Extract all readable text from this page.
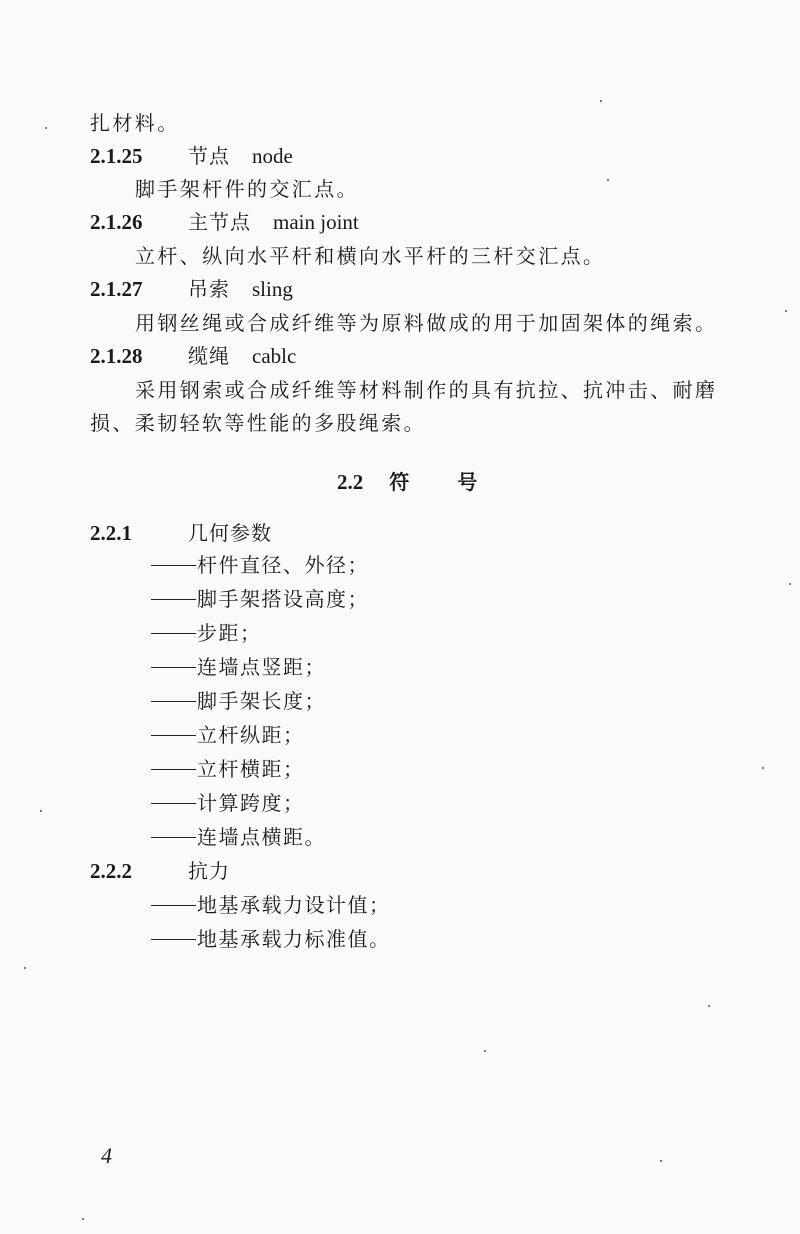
扎材料。
2.1.25 节点 node
脚手架杆件的交汇点。
2.1.26 主节点 main joint
立杆、纵向水平杆和横向水平杆的三杆交汇点。
2.1.27 吊索 sling
用钢丝绳或合成纤维等为原料做成的用于加固架体的绳索。
2.1.28 缆绳 cablc
采用钢索或合成纤维等材料制作的具有抗拉、抗冲击、耐磨
损、柔韧轻软等性能的多股绳索。
2.2 符 号
2.2.1	几何参数
杆件直径、外径；
脚手架搭设高度；
步距；
连墙点竖距；
脚手架长度；
立杆纵距；
立杆横距；
计算跨度；
连墙点横距。
2.2.2	抗力
地基承载力设计值；
地基承载力标准值。
4
